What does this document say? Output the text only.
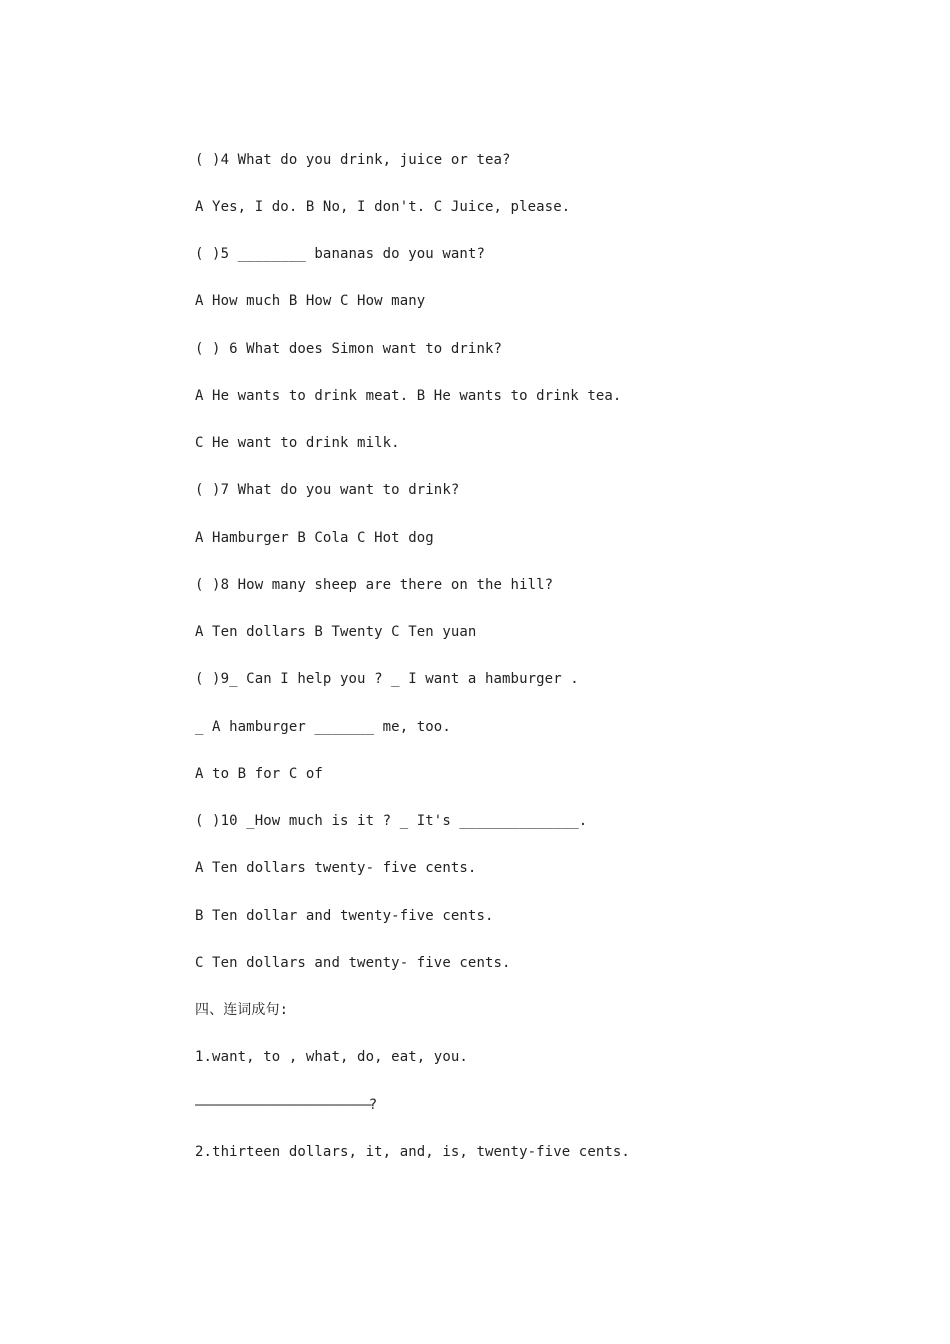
( )4 What do you drink, juice or tea?
A Yes, I do. B No, I don't. C Juice, please.
( )5 ________ bananas do you want?
A How much B How C How many
( ) 6 What does Simon want to drink?
A He wants to drink meat. B He wants to drink tea.
C He want to drink milk.
( )7 What do you want to drink?
A Hamburger B Cola C Hot dog
( )8 How many sheep are there on the hill?
A Ten dollars B Twenty C Ten yuan
( )9_ Can I help you ? _ I want a hamburger .
_ A hamburger _______ me, too.
A to B for C of
( )10 _How much is it ? _ It's ______________.
A Ten dollars twenty- five cents.
B Ten dollar and twenty-five cents.
C Ten dollars and twenty- five cents.
四、连词成句:
1.want, to , what, do, eat, you.
————————————————————————————————?
2.thirteen dollars, it, and, is, twenty-five cents.
